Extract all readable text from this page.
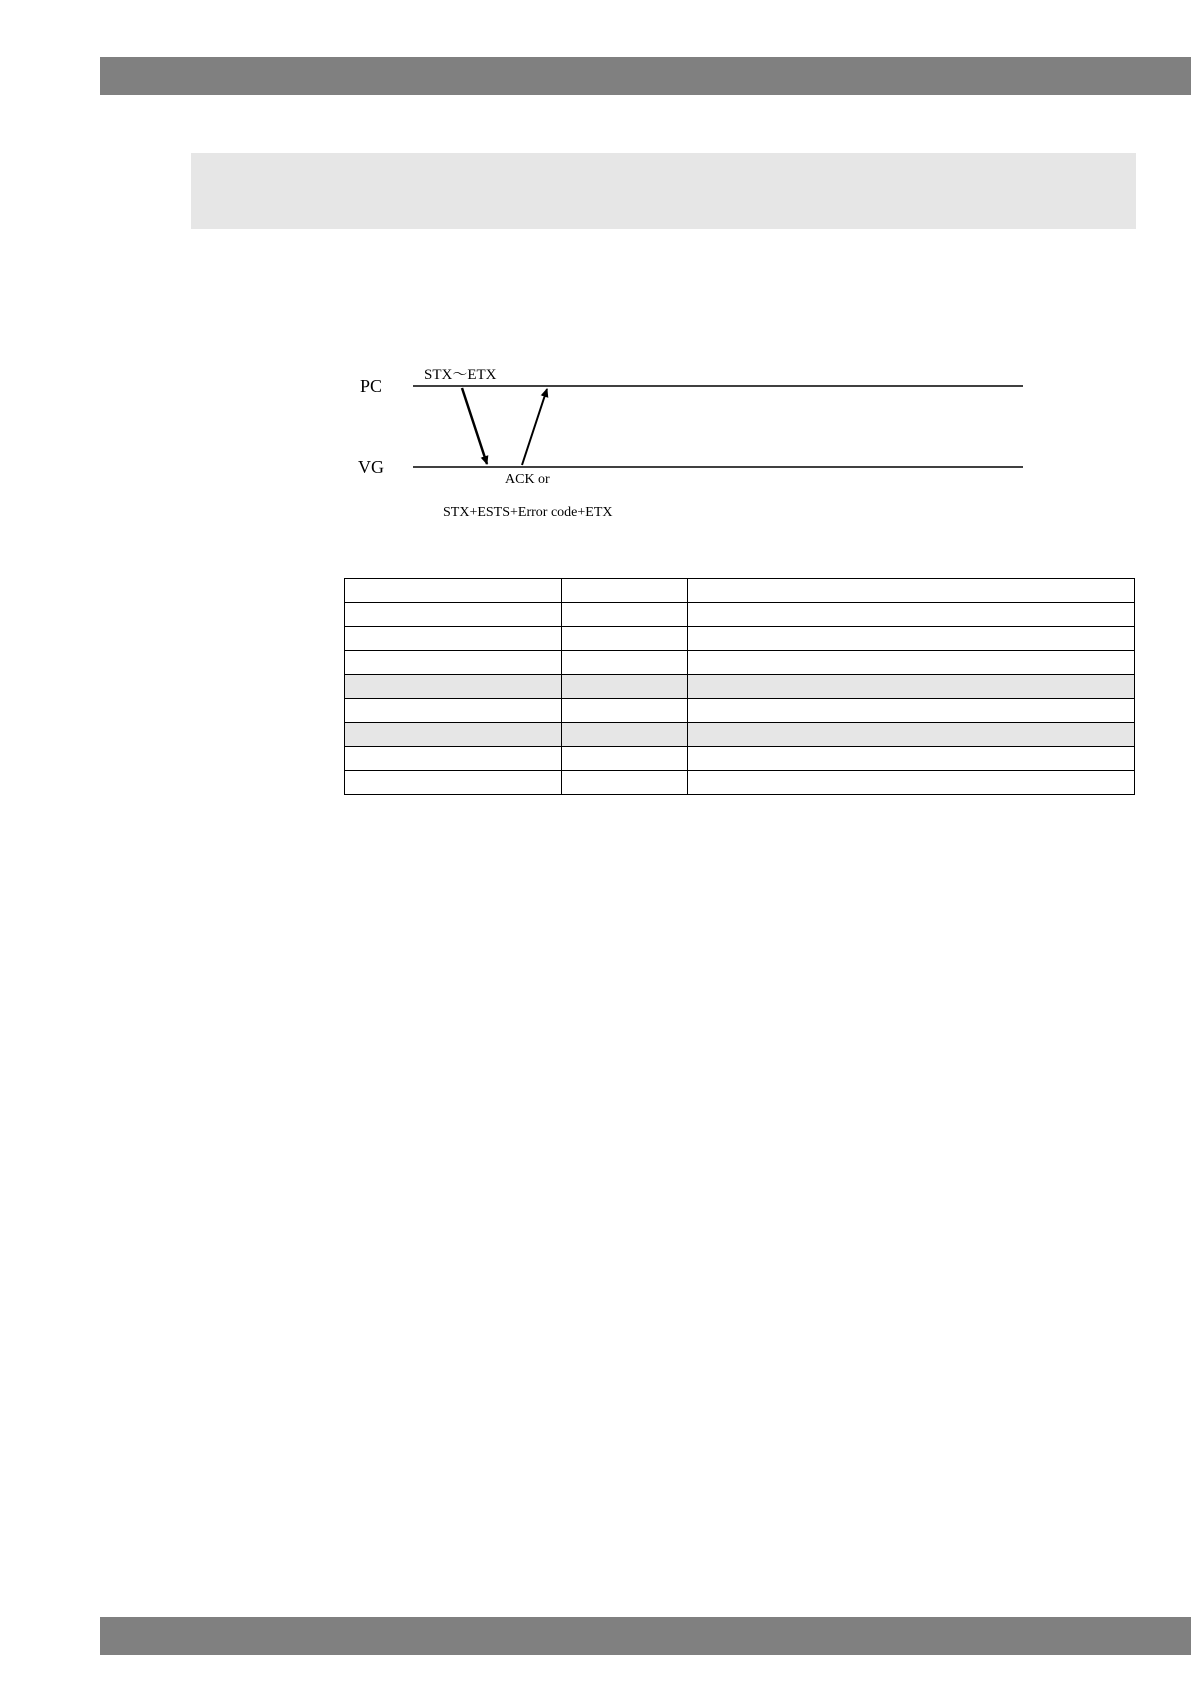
PC
VG
STX～ETX
ACK or
STX+ESTS+Error code+ETX
